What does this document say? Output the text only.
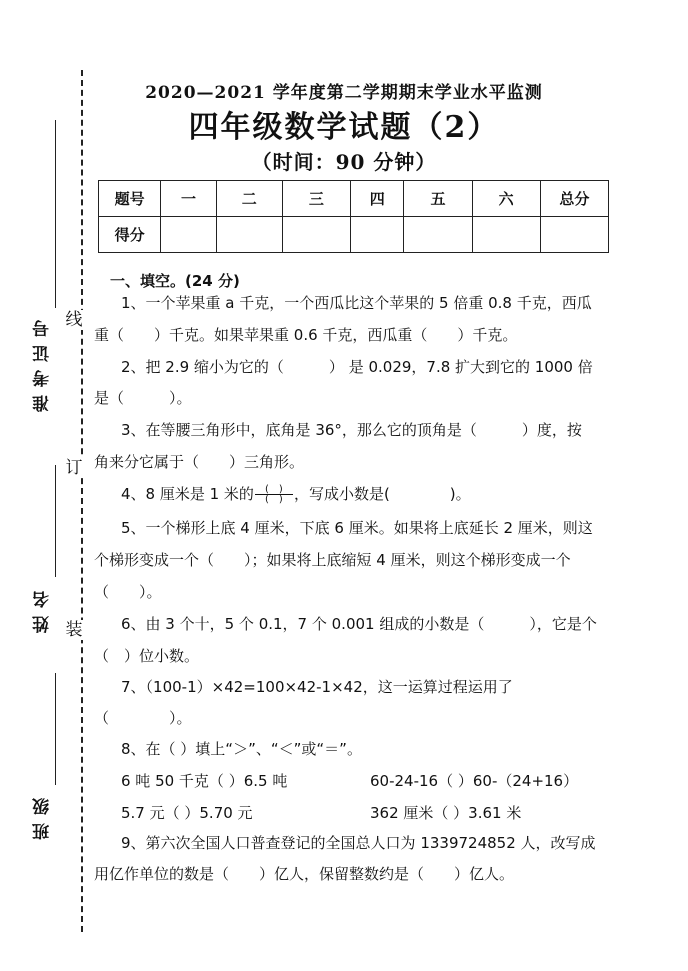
线
订
装
准考证号
姓名
班级
2020—2021 学年度第二学期期末学业水平监测
四年级数学试题（2）
（时间：90 分钟）
题号	一	二	三	四	五	六	总分
得分							
一、填空。(24 分)
1、一个苹果重 a 千克，一个西瓜比这个苹果的 5 倍重 0.8 千克，西瓜
重（　　）千克。如果苹果重 0.6 千克，西瓜重（　　）千克。
2、把 2.9 缩小为它的（　　　） 是 0.029，7.8 扩大到它的 1000 倍
是（　　　）。
3、在等腰三角形中，底角是 36°，那么它的顶角是（　　　）度，按
角来分它属于（　　）三角形。
4、8 厘米是 1 米的$\frac{( )}{( )}$，写成小数是(　　　　)。
5、一个梯形上底 4 厘米，下底 6 厘米。如果将上底延长 2 厘米，则这
个梯形变成一个（　　）；如果将上底缩短 4 厘米，则这个梯形变成一个
（　　）。
6、由 3 个十，5 个 0.1，7 个 0.001 组成的小数是（　　　），它是个
（　）位小数。
7、（100-1）×42=100×42-1×42，这一运算过程运用了
（　　　　）。
8、在（ ）填上“＞”、“＜”或“＝”。
6 吨 50 千克（ ）6.5 吨	60-24-16（ ）60-（24+16）
5.7 元（ ）5.70 元	362 厘米（ ）3.61 米
9、第六次全国人口普查登记的全国总人口为 1339724852 人，改写成
用亿作单位的数是（　　）亿人，保留整数约是（　　）亿人。
